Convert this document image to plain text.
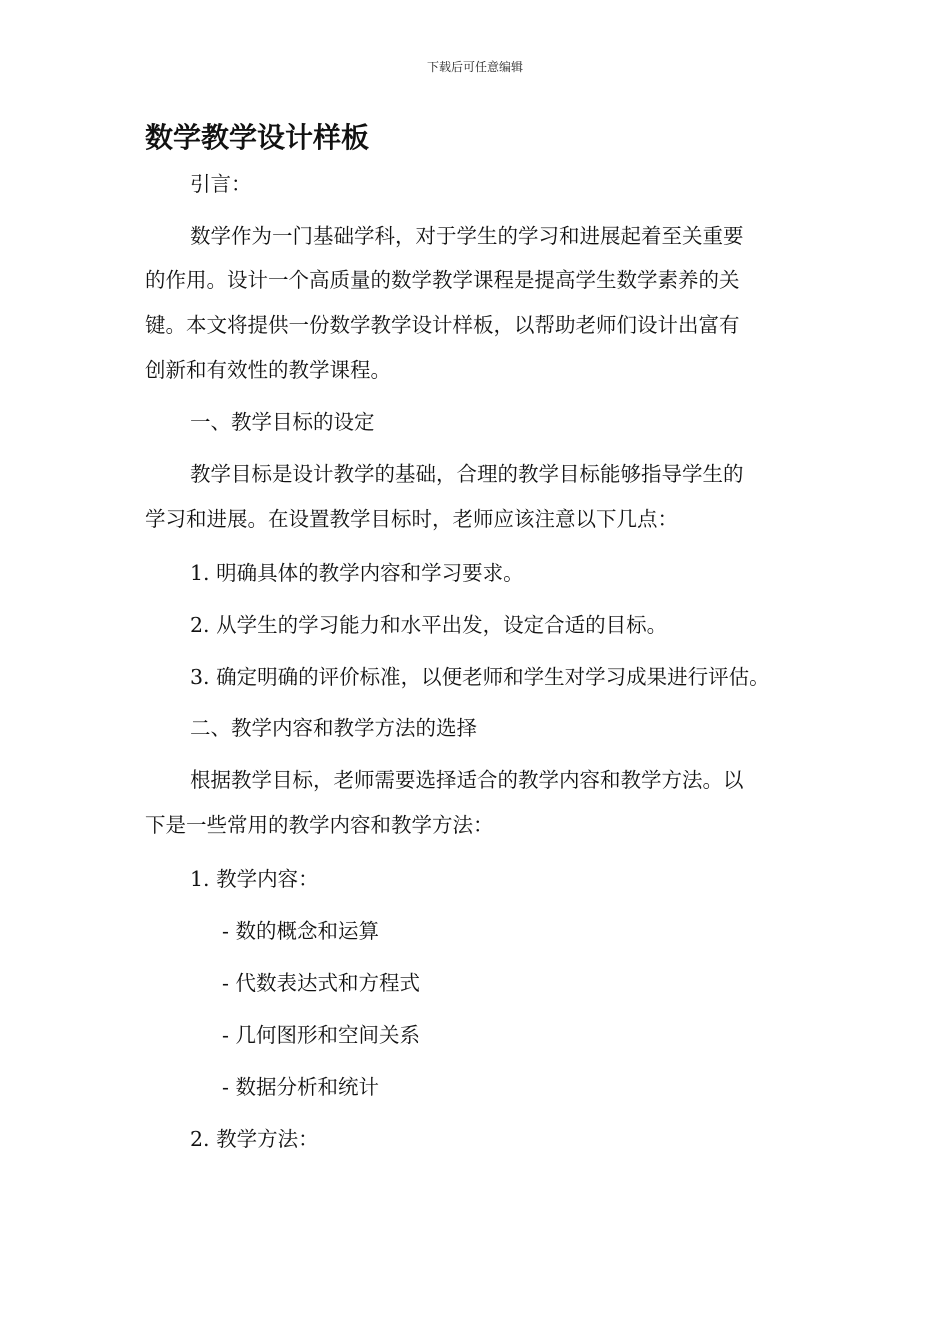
下载后可任意编辑
数学教学设计样板
引言：
数学作为一门基础学科，对于学生的学习和进展起着至关重要
的作用。设计一个高质量的数学教学课程是提高学生数学素养的关
键。本文将提供一份数学教学设计样板，以帮助老师们设计出富有
创新和有效性的教学课程。
一、教学目标的设定
教学目标是设计教学的基础，合理的教学目标能够指导学生的
学习和进展。在设置教学目标时，老师应该注意以下几点：
1. 明确具体的教学内容和学习要求。
2. 从学生的学习能力和水平出发，设定合适的目标。
3. 确定明确的评价标准，以便老师和学生对学习成果进行评估。
二、教学内容和教学方法的选择
根据教学目标，老师需要选择适合的教学内容和教学方法。以
下是一些常用的教学内容和教学方法：
1. 教学内容：
- 数的概念和运算
- 代数表达式和方程式
- 几何图形和空间关系
- 数据分析和统计
2. 教学方法：
